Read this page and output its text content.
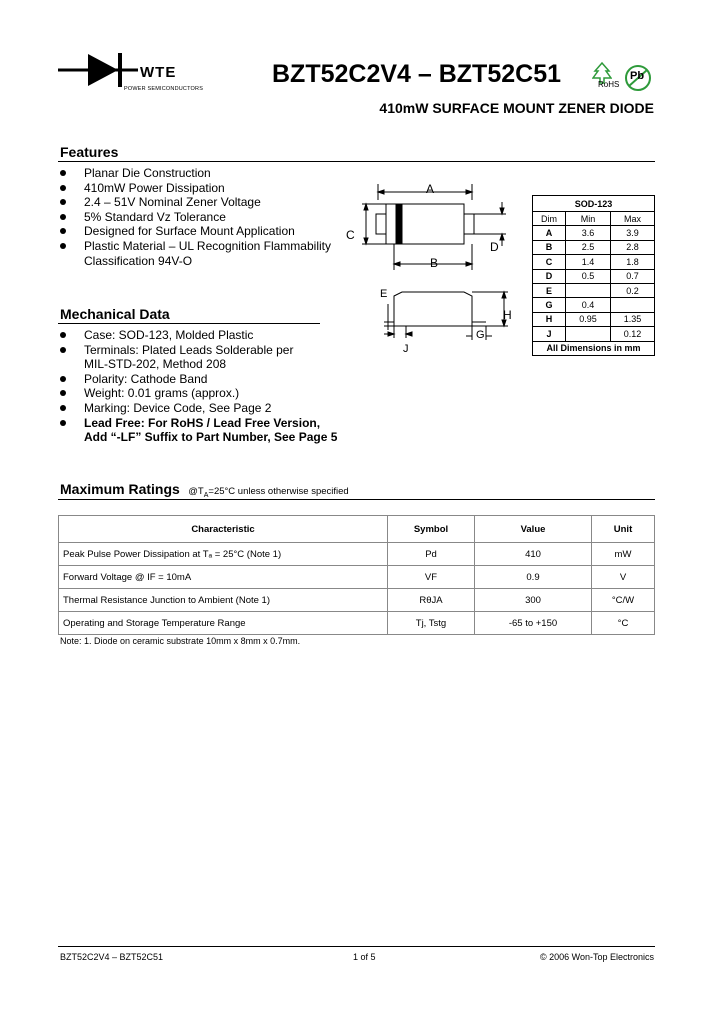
WTE
POWER SEMICONDUCTORS
BZT52C2V4 – BZT52C51	RoHS
Pb
410mW SURFACE MOUNT ZENER DIODE
Features
Planar Die Construction
410mW Power Dissipation
2.4 – 51V Nominal Zener Voltage
5% Standard Vz Tolerance
Designed for Surface Mount Application
Plastic Material – UL Recognition Flammability
Classification 94V-O
A
C
D
B
E
H
G
J
SOD-123		
Dim	Min	Max
A	3.6	3.9
B	2.5	2.8
C	1.4	1.8
D	0.5	0.7
E		0.2
G	0.4	
H	0.95	1.35
J		0.12
All Dimensions in mm		
Mechanical Data
Case: SOD-123, Molded Plastic
Terminals: Plated Leads Solderable per
MIL-STD-202, Method 208
Polarity: Cathode Band
Weight: 0.01 grams (approx.)
Marking: Device Code, See Page 2
Lead Free: For RoHS / Lead Free Version,
Add “-LF” Suffix to Part Number, See Page 5
Maximum Ratings $@T_A=25^\circ C$ unless otherwise specified
Characteristic	Symbol	Value	Unit
Peak Pulse Power Dissipation at Tₐ = 25°C (Note 1)	Pd	410	mW
Forward Voltage @ IF = 10mA	VF	0.9	V
Thermal Resistance Junction to Ambient (Note 1)	RθJA	300	°C/W
Operating and Storage Temperature Range	Tj, Tstg	-65 to +150	°C
Note: 1. Diode on ceramic substrate 10mm x 8mm x 0.7mm.
BZT52C2V4 – BZT52C51	1 of 5	© 2006 Won-Top Electronics
